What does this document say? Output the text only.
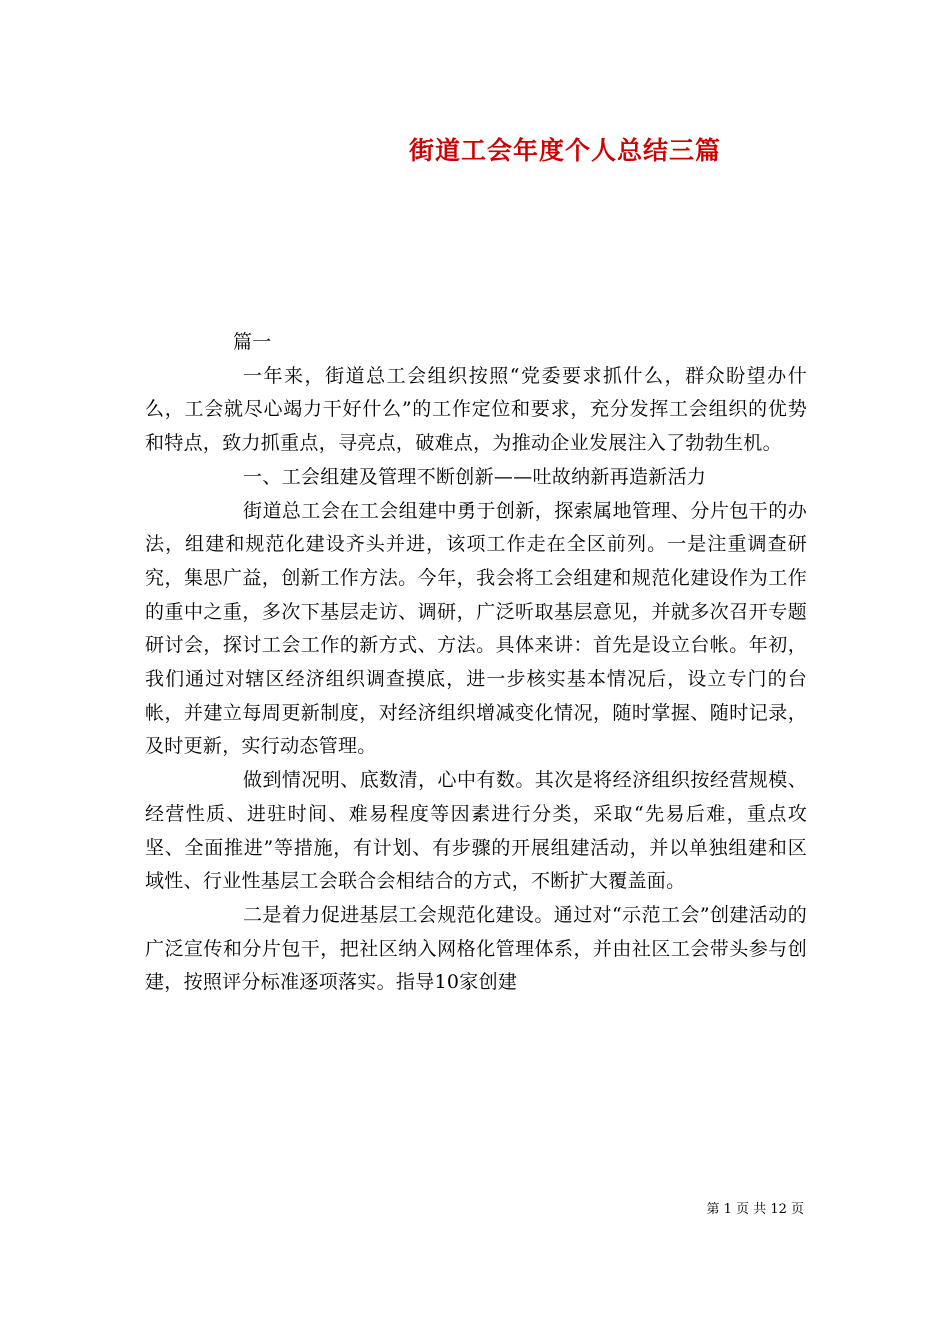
街道工会年度个人总结三篇

篇一

一年来，街道总工会组织按照“党委要求抓什么，群众盼望办什么，工会就尽心竭力干好什么”的工作定位和要求，充分发挥工会组织的优势和特点，致力抓重点，寻亮点，破难点，为推动企业发展注入了勃勃生机。

一、工会组建及管理不断创新——吐故纳新再造新活力

街道总工会在工会组建中勇于创新，探索属地管理、分片包干的办法，组建和规范化建设齐头并进，该项工作走在全区前列。一是注重调查研究，集思广益，创新工作方法。今年，我会将工会组建和规范化建设作为工作的重中之重，多次下基层走访、调研，广泛听取基层意见，并就多次召开专题研讨会，探讨工会工作的新方式、方法。具体来讲：首先是设立台帐。年初，我们通过对辖区经济组织调查摸底，进一步核实基本情况后，设立专门的台帐，并建立每周更新制度，对经济组织增减变化情况，随时掌握、随时记录，及时更新，实行动态管理。

做到情况明、底数清，心中有数。其次是将经济组织按经营规模、经营性质、进驻时间、难易程度等因素进行分类，采取“先易后难，重点攻坚、全面推进”等措施，有计划、有步骤的开展组建活动，并以单独组建和区域性、行业性基层工会联合会相结合的方式，不断扩大覆盖面。

二是着力促进基层工会规范化建设。通过对“示范工会”创建活动的广泛宣传和分片包干，把社区纳入网格化管理体系，并由社区工会带头参与创建，按照评分标准逐项落实。指导10家创建

第 1 页 共 12 页
